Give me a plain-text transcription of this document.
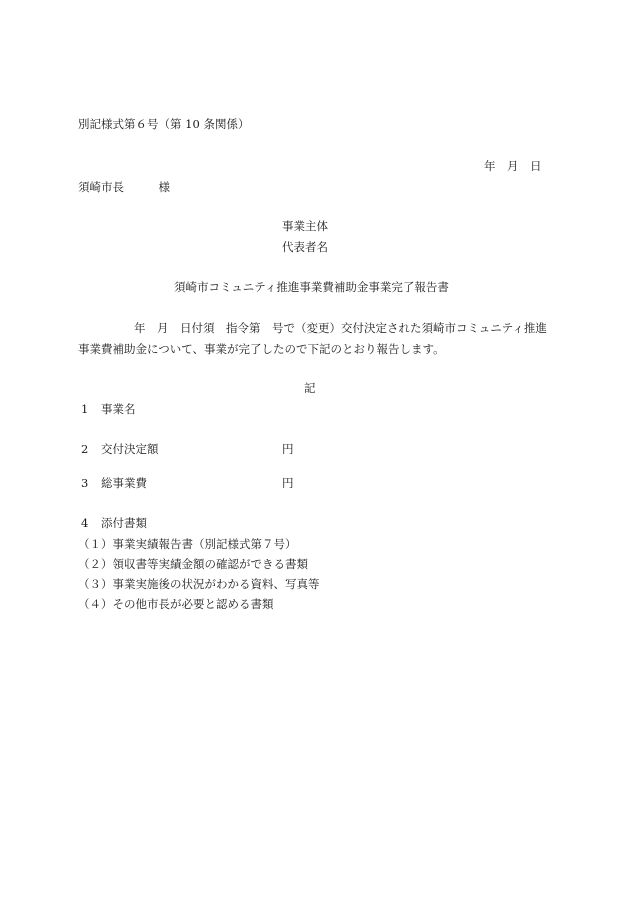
別記様式第６号（第 10 条関係）
年　月　日
須崎市長　　　様
事業主体
代表者名
須崎市コミュニティ推進事業費補助金事業完了報告書
年　月　日付須　指令第　号で（変更）交付決定された須崎市コミュニティ推進
事業費補助金について、事業が完了したので下記のとおり報告します。
記
1 事業名
2 交付決定額	円
3 総事業費	円
4 添付書類
（１）事業実績報告書（別記様式第７号）
（２）領収書等実績金額の確認ができる書類
（３）事業実施後の状況がわかる資料、写真等
（４）その他市長が必要と認める書類
